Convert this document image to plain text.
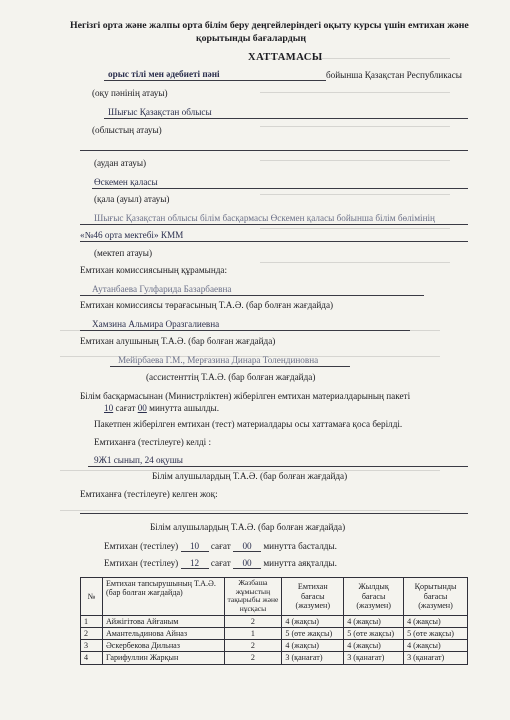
Негізгі орта және жалпы орта білім беру деңгейлеріндегі оқыту курсы үшін емтихан және
қорытынды бағалардың
ХАТТАМАСЫ
орыс тілі мен әдебиеті пәні	бойынша Қазақстан Республикасы
(оқу пәнінің атауы)
Шығыс Қазақстан облысы
(облыстың атауы)
(аудан атауы)
Өскемен қаласы
(қала (ауыл) атауы)
Шығыс Қазақстан облысы білім басқармасы Өскемен қаласы бойынша білім бөлімінің
«№46 орта мектебі» КММ
(мектеп атауы)
Емтихан комиссиясының құрамында:
Аутанбаева Гулфарида Базарбаевна
Емтихан комиссиясы төрағасының Т.А.Ә. (бар болған жағдайда)
Хамзина Альмира Оразгалиевна
Емтихан алушының Т.А.Ә. (бар болған жағдайда)
Мейірбаева Г.М., Мерғазина Динара Толендиновна
(ассистенттің Т.А.Ә. (бар болған жағдайда)
Білім басқармасынан (Министрліктен) жіберілген емтихан материалдарының пакеті
10 сағат 00 минутта ашылды.
Пакетпен жіберілген емтихан (тест) материалдары осы хаттамаға қоса берілді.
Емтиханға (тестілеуге) келді :
9Ж1 сынып, 24 оқушы
Білім алушылардың Т.А.Ә. (бар болған жағдайда)
Емтиханға (тестілеуге) келген жоқ:
Білім алушылардың Т.А.Ә. (бар болған жағдайда)
Емтихан (тестілеу) 10 сағат 00 минутта басталды.
Емтихан (тестілеу) 12 сағат 00 минутта аяқталды.
№	Емтихан тапсырушының Т.А.Ә. (бар болған жағдайда)	Жазбаша жұмыстың тақырыбы және нұсқасы	Емтихан бағасы (жазумен)	Жылдық бағасы (жазумен)	Қорытынды бағасы (жазумен)
1	Айжігітова Айғаным	2	4 (жақсы)	4 (жақсы)	4 (жақсы)
2	Амантельдинова Айназ	1	5 (өте жақсы)	5 (өте жақсы)	5 (өте жақсы)
3	Әскербекова Дильназ	2	4 (жақсы)	4 (жақсы)	4 (жақсы)
4	Гарифуллин Жарқын	2	3 (қанағат)	3 (қанағат)	3 (қанағат)
